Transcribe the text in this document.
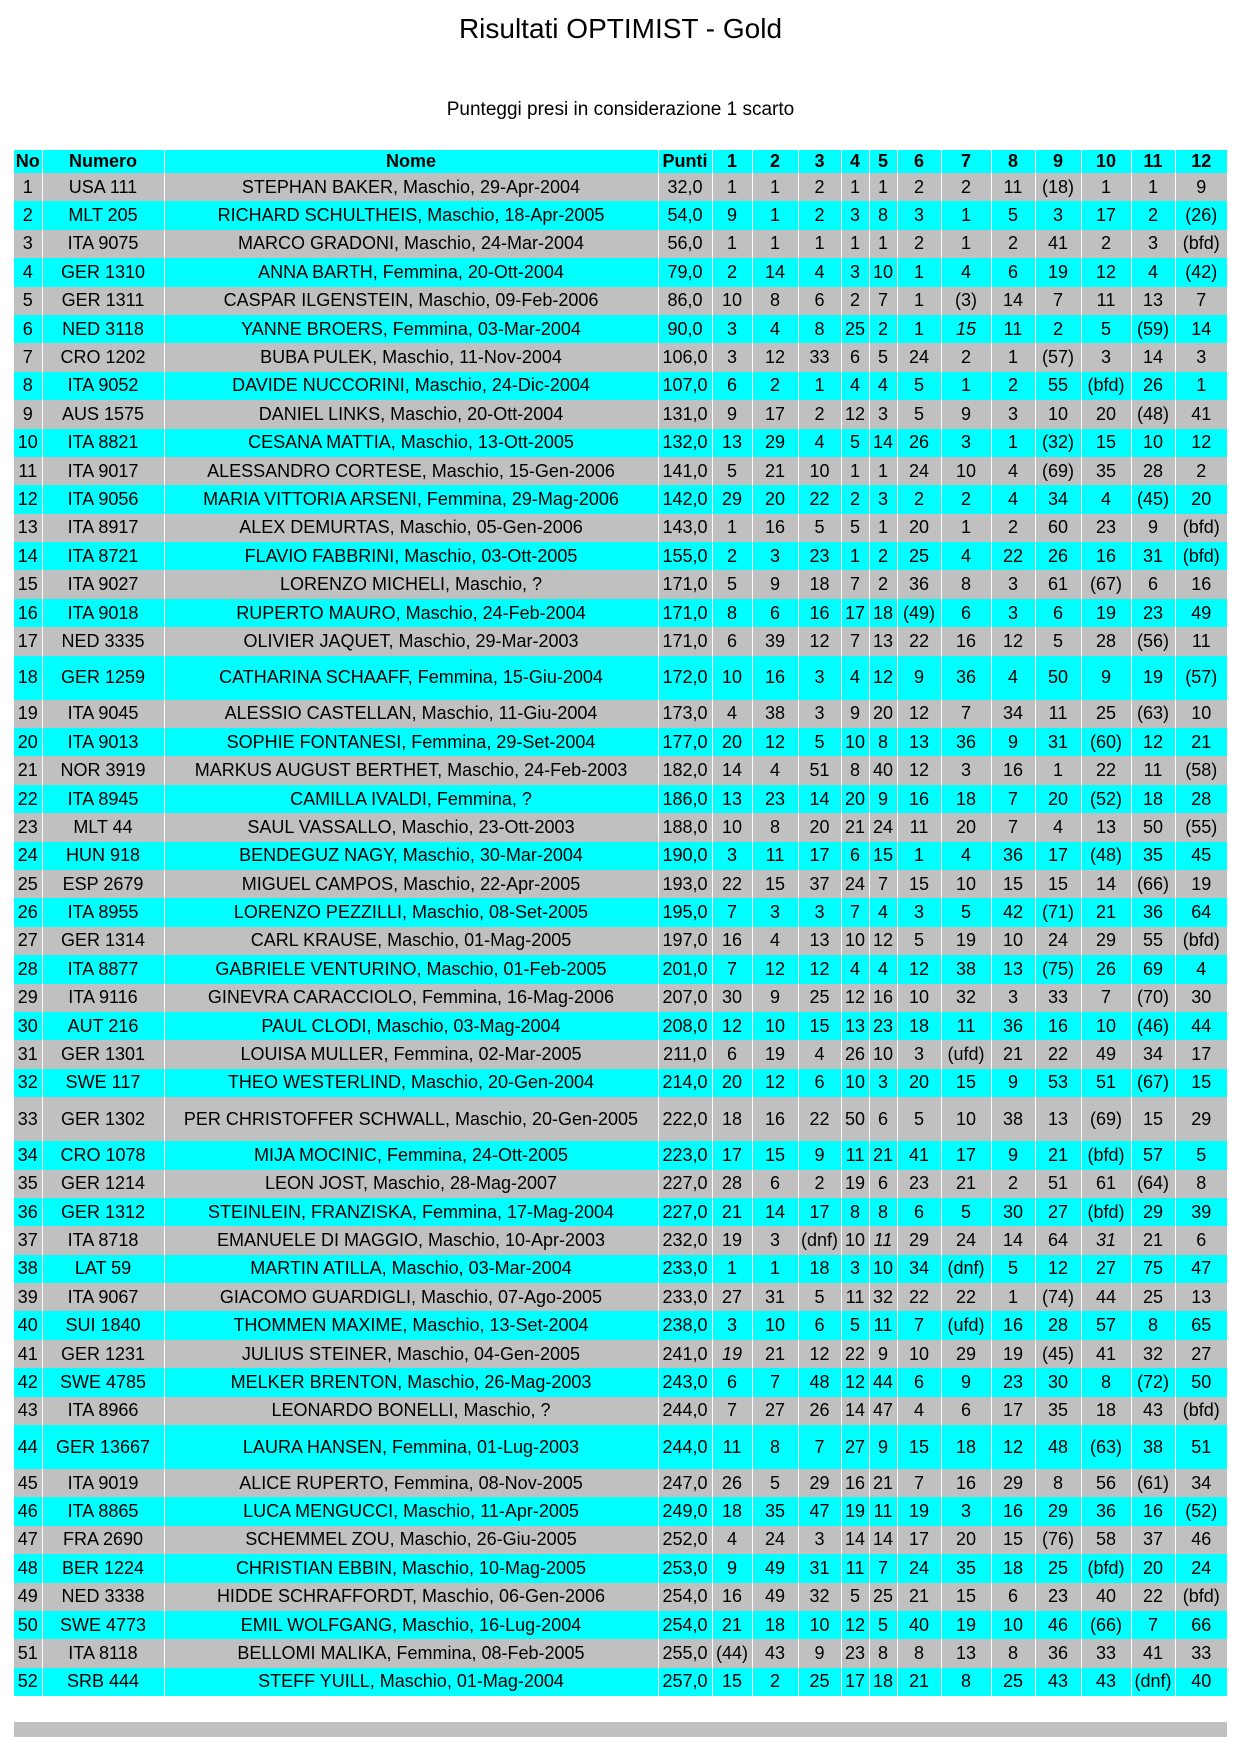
Risultati OPTIMIST - Gold
Punteggi presi in considerazione 1 scarto
No	Numero	Nome	Punti	1	2	3	4	5	6	7	8	9	10	11	12
1	USA 111	STEPHAN BAKER, Maschio, 29-Apr-2004	32,0	1	1	2	1	1	2	2	11	(18)	1	1	9
2	MLT 205	RICHARD SCHULTHEIS, Maschio, 18-Apr-2005	54,0	9	1	2	3	8	3	1	5	3	17	2	(26)
3	ITA 9075	MARCO GRADONI, Maschio, 24-Mar-2004	56,0	1	1	1	1	1	2	1	2	41	2	3	(bfd)
4	GER 1310	ANNA BARTH, Femmina, 20-Ott-2004	79,0	2	14	4	3	10	1	4	6	19	12	4	(42)
5	GER 1311	CASPAR ILGENSTEIN, Maschio, 09-Feb-2006	86,0	10	8	6	2	7	1	(3)	14	7	11	13	7
6	NED 3118	YANNE BROERS, Femmina, 03-Mar-2004	90,0	3	4	8	25	2	1	15	11	2	5	(59)	14
7	CRO 1202	BUBA PULEK, Maschio, 11-Nov-2004	106,0	3	12	33	6	5	24	2	1	(57)	3	14	3
8	ITA 9052	DAVIDE NUCCORINI, Maschio, 24-Dic-2004	107,0	6	2	1	4	4	5	1	2	55	(bfd)	26	1
9	AUS 1575	DANIEL LINKS, Maschio, 20-Ott-2004	131,0	9	17	2	12	3	5	9	3	10	20	(48)	41
10	ITA 8821	CESANA MATTIA, Maschio, 13-Ott-2005	132,0	13	29	4	5	14	26	3	1	(32)	15	10	12
11	ITA 9017	ALESSANDRO CORTESE, Maschio, 15-Gen-2006	141,0	5	21	10	1	1	24	10	4	(69)	35	28	2
12	ITA 9056	MARIA VITTORIA ARSENI, Femmina, 29-Mag-2006	142,0	29	20	22	2	3	2	2	4	34	4	(45)	20
13	ITA 8917	ALEX DEMURTAS, Maschio, 05-Gen-2006	143,0	1	16	5	5	1	20	1	2	60	23	9	(bfd)
14	ITA 8721	FLAVIO FABBRINI, Maschio, 03-Ott-2005	155,0	2	3	23	1	2	25	4	22	26	16	31	(bfd)
15	ITA 9027	LORENZO MICHELI, Maschio, ?	171,0	5	9	18	7	2	36	8	3	61	(67)	6	16
16	ITA 9018	RUPERTO MAURO, Maschio, 24-Feb-2004	171,0	8	6	16	17	18	(49)	6	3	6	19	23	49
17	NED 3335	OLIVIER JAQUET, Maschio, 29-Mar-2003	171,0	6	39	12	7	13	22	16	12	5	28	(56)	11
18	GER 1259	CATHARINA SCHAAFF, Femmina, 15-Giu-2004	172,0	10	16	3	4	12	9	36	4	50	9	19	(57)
19	ITA 9045	ALESSIO CASTELLAN, Maschio, 11-Giu-2004	173,0	4	38	3	9	20	12	7	34	11	25	(63)	10
20	ITA 9013	SOPHIE FONTANESI, Femmina, 29-Set-2004	177,0	20	12	5	10	8	13	36	9	31	(60)	12	21
21	NOR 3919	MARKUS AUGUST BERTHET, Maschio, 24-Feb-2003	182,0	14	4	51	8	40	12	3	16	1	22	11	(58)
22	ITA 8945	CAMILLA IVALDI, Femmina, ?	186,0	13	23	14	20	9	16	18	7	20	(52)	18	28
23	MLT 44	SAUL VASSALLO, Maschio, 23-Ott-2003	188,0	10	8	20	21	24	11	20	7	4	13	50	(55)
24	HUN 918	BENDEGUZ NAGY, Maschio, 30-Mar-2004	190,0	3	11	17	6	15	1	4	36	17	(48)	35	45
25	ESP 2679	MIGUEL CAMPOS, Maschio, 22-Apr-2005	193,0	22	15	37	24	7	15	10	15	15	14	(66)	19
26	ITA 8955	LORENZO PEZZILLI, Maschio, 08-Set-2005	195,0	7	3	3	7	4	3	5	42	(71)	21	36	64
27	GER 1314	CARL KRAUSE, Maschio, 01-Mag-2005	197,0	16	4	13	10	12	5	19	10	24	29	55	(bfd)
28	ITA 8877	GABRIELE VENTURINO, Maschio, 01-Feb-2005	201,0	7	12	12	4	4	12	38	13	(75)	26	69	4
29	ITA 9116	GINEVRA CARACCIOLO, Femmina, 16-Mag-2006	207,0	30	9	25	12	16	10	32	3	33	7	(70)	30
30	AUT 216	PAUL CLODI, Maschio, 03-Mag-2004	208,0	12	10	15	13	23	18	11	36	16	10	(46)	44
31	GER 1301	LOUISA MULLER, Femmina, 02-Mar-2005	211,0	6	19	4	26	10	3	(ufd)	21	22	49	34	17
32	SWE 117	THEO WESTERLIND, Maschio, 20-Gen-2004	214,0	20	12	6	10	3	20	15	9	53	51	(67)	15
33	GER 1302	PER CHRISTOFFER SCHWALL, Maschio, 20-Gen-2005	222,0	18	16	22	50	6	5	10	38	13	(69)	15	29
34	CRO 1078	MIJA MOCINIC, Femmina, 24-Ott-2005	223,0	17	15	9	11	21	41	17	9	21	(bfd)	57	5
35	GER 1214	LEON JOST, Maschio, 28-Mag-2007	227,0	28	6	2	19	6	23	21	2	51	61	(64)	8
36	GER 1312	STEINLEIN, FRANZISKA, Femmina, 17-Mag-2004	227,0	21	14	17	8	8	6	5	30	27	(bfd)	29	39
37	ITA 8718	EMANUELE DI MAGGIO, Maschio, 10-Apr-2003	232,0	19	3	(dnf)	10	11	29	24	14	64	31	21	6
38	LAT 59	MARTIN ATILLA, Maschio, 03-Mar-2004	233,0	1	1	18	3	10	34	(dnf)	5	12	27	75	47
39	ITA 9067	GIACOMO GUARDIGLI, Maschio, 07-Ago-2005	233,0	27	31	5	11	32	22	22	1	(74)	44	25	13
40	SUI 1840	THOMMEN MAXIME, Maschio, 13-Set-2004	238,0	3	10	6	5	11	7	(ufd)	16	28	57	8	65
41	GER 1231	JULIUS STEINER, Maschio, 04-Gen-2005	241,0	19	21	12	22	9	10	29	19	(45)	41	32	27
42	SWE 4785	MELKER BRENTON, Maschio, 26-Mag-2003	243,0	6	7	48	12	44	6	9	23	30	8	(72)	50
43	ITA 8966	LEONARDO BONELLI, Maschio, ?	244,0	7	27	26	14	47	4	6	17	35	18	43	(bfd)
44	GER 13667	LAURA HANSEN, Femmina, 01-Lug-2003	244,0	11	8	7	27	9	15	18	12	48	(63)	38	51
45	ITA 9019	ALICE RUPERTO, Femmina, 08-Nov-2005	247,0	26	5	29	16	21	7	16	29	8	56	(61)	34
46	ITA 8865	LUCA MENGUCCI, Maschio, 11-Apr-2005	249,0	18	35	47	19	11	19	3	16	29	36	16	(52)
47	FRA 2690	SCHEMMEL ZOU, Maschio, 26-Giu-2005	252,0	4	24	3	14	14	17	20	15	(76)	58	37	46
48	BER 1224	CHRISTIAN EBBIN, Maschio, 10-Mag-2005	253,0	9	49	31	11	7	24	35	18	25	(bfd)	20	24
49	NED 3338	HIDDE SCHRAFFORDT, Maschio, 06-Gen-2006	254,0	16	49	32	5	25	21	15	6	23	40	22	(bfd)
50	SWE 4773	EMIL WOLFGANG, Maschio, 16-Lug-2004	254,0	21	18	10	12	5	40	19	10	46	(66)	7	66
51	ITA 8118	BELLOMI MALIKA, Femmina, 08-Feb-2005	255,0	(44)	43	9	23	8	8	13	8	36	33	41	33
52	SRB 444	STEFF YUILL, Maschio, 01-Mag-2004	257,0	15	2	25	17	18	21	8	25	43	43	(dnf)	40
